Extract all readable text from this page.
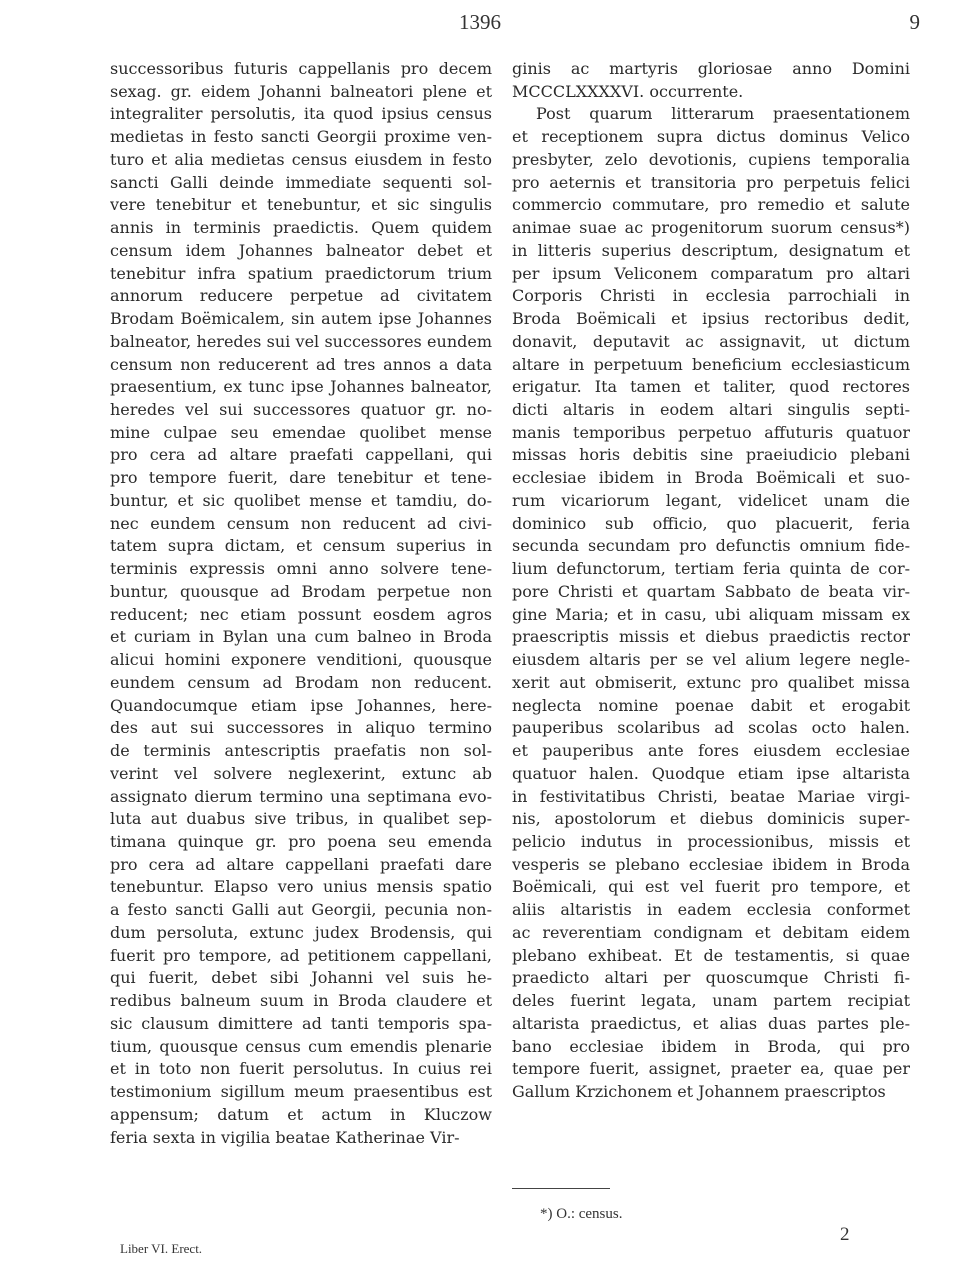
1396	9
successoribus futuris cappellanis pro decem
sexag. gr. eidem Johanni balneatori plene et
integraliter persolutis, ita quod ipsius census
medietas in festo sancti Georgii proxime ven-
turo et alia medietas census eiusdem in festo
sancti Galli deinde immediate sequenti sol-
vere tenebitur et tenebuntur, et sic singulis
annis in terminis praedictis. Quem quidem
censum idem Johannes balneator debet et
tenebitur infra spatium praedictorum trium
annorum reducere perpetue ad civitatem
Brodam Boëmicalem, sin autem ipse Johannes
balneator, heredes sui vel successores eundem
censum non reducerent ad tres annos a data
praesentium, ex tunc ipse Johannes balneator,
heredes vel sui successores quatuor gr. no-
mine culpae seu emendae quolibet mense
pro cera ad altare praefati cappellani, qui
pro tempore fuerit, dare tenebitur et tene-
buntur, et sic quolibet mense et tamdiu, do-
nec eundem censum non reducent ad civi-
tatem supra dictam, et censum superius in
terminis expressis omni anno solvere tene-
buntur, quousque ad Brodam perpetue non
reducent; nec etiam possunt eosdem agros
et curiam in Bylan una cum balneo in Broda
alicui homini exponere venditioni, quousque
eundem censum ad Brodam non reducent.
Quandocumque etiam ipse Johannes, here-
des aut sui successores in aliquo termino
de terminis antescriptis praefatis non sol-
verint vel solvere neglexerint, extunc ab
assignato dierum termino una septimana evo-
luta aut duabus sive tribus, in qualibet sep-
timana quinque gr. pro poena seu emenda
pro cera ad altare cappellani praefati dare
tenebuntur. Elapso vero unius mensis spatio
a festo sancti Galli aut Georgii, pecunia non-
dum persoluta, extunc judex Brodensis, qui
fuerit pro tempore, ad petitionem cappellani,
qui fuerit, debet sibi Johanni vel suis he-
redibus balneum suum in Broda claudere et
sic clausum dimittere ad tanti temporis spa-
tium, quousque census cum emendis plenarie
et in toto non fuerit persolutus. In cuius rei
testimonium sigillum meum praesentibus est
appensum; datum et actum in Kluczow
feria sexta in vigilia beatae Katherinae Vir-
ginis ac martyris gloriosae anno Domini
MCCCLXXXXVI. occurrente.
Post quarum litterarum praesentationem
et receptionem supra dictus dominus Velico
presbyter, zelo devotionis, cupiens temporalia
pro aeternis et transitoria pro perpetuis felici
commercio commutare, pro remedio et salute
animae suae ac progenitorum suorum census*)
in litteris superius descriptum, designatum et
per ipsum Veliconem comparatum pro altari
Corporis Christi in ecclesia parrochiali in
Broda Boëmicali et ipsius rectoribus dedit,
donavit, deputavit ac assignavit, ut dictum
altare in perpetuum beneficium ecclesiasticum
erigatur. Ita tamen et taliter, quod rectores
dicti altaris in eodem altari singulis septi-
manis temporibus perpetuo affuturis quatuor
missas horis debitis sine praeiudicio plebani
ecclesiae ibidem in Broda Boëmicali et suo-
rum vicariorum legant, videlicet unam die
dominico sub officio, quo placuerit, feria
secunda secundam pro defunctis omnium fide-
lium defunctorum, tertiam feria quinta de cor-
pore Christi et quartam Sabbato de beata vir-
gine Maria; et in casu, ubi aliquam missam ex
praescriptis missis et diebus praedictis rector
eiusdem altaris per se vel alium legere negle-
xerit aut obmiserit, extunc pro qualibet missa
neglecta nomine poenae dabit et erogabit
pauperibus scolaribus ad scolas octo halen.
et pauperibus ante fores eiusdem ecclesiae
quatuor halen. Quodque etiam ipse altarista
in festivitatibus Christi, beatae Mariae virgi-
nis, apostolorum et diebus dominicis super-
pelicio indutus in processionibus, missis et
vesperis se plebano ecclesiae ibidem in Broda
Boëmicali, qui est vel fuerit pro tempore, et
aliis altaristis in eadem ecclesia conformet
ac reverentiam condignam et debitam eidem
plebano exhibeat. Et de testamentis, si quae
praedicto altari per quoscumque Christi fi-
deles fuerint legata, unam partem recipiat
altarista praedictus, et alias duas partes ple-
bano ecclesiae ibidem in Broda, qui pro
tempore fuerit, assignet, praeter ea, quae per
Gallum Krzichonem et Johannem praescriptos
*) O.: census.
Liber VI. Erect.
2
